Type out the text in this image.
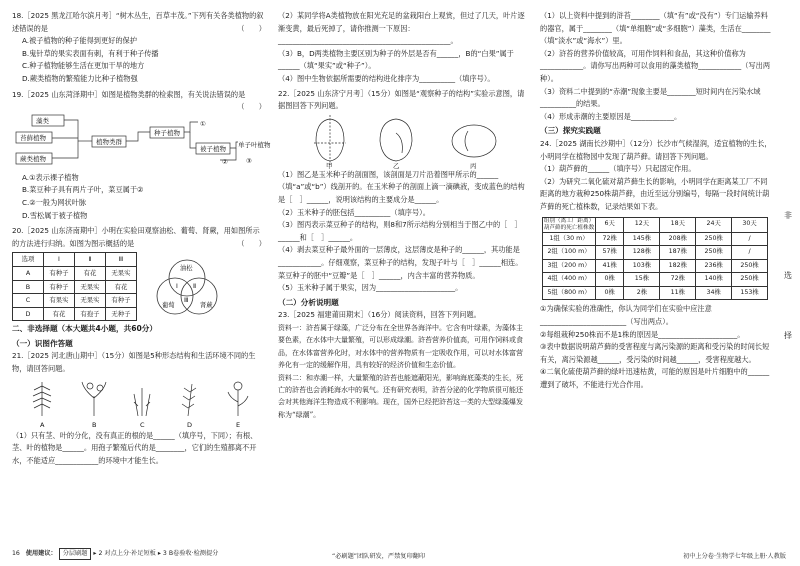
18.［2025 黑龙江哈尔滨月考］“树木丛生，百草丰茂。”下列有关各类植物的叙述错误的是	（　　）

A.被子植物的种子能得到更好的保护

B.鬼针草的果实表面有刺，有利于种子传播

C.种子植物能够生活在更加干旱的地方

D.蕨类植物的繁殖能力比种子植物强

19.［2025 山东菏泽期中］如图是植物类群的检索图，有关说法错误的是
（　　）

藻类
苔藓植物
蕨类植物
植物类群
种子植物
①
被子植物 单子叶植物
③
②

A.①表示裸子植物

B.菜豆种子具有两片子叶，菜豆属于②

C.②一般为网状叶脉

D.雪松属于被子植物

20.［2025 山东济南期中］小明在实验田观察油松、葡萄、肾蕨，用如图所示的方法进行归纳。如图为图示概括的是	（　　）

选项	Ⅰ	Ⅱ	Ⅲ
A	有种子	有花	无果实
B	有种子	无果实	有花
C	有果实	无果实	有种子
D	有花	有孢子	无种子
油松
葡萄	肾蕨
Ⅰ Ⅱ
Ⅲ

二、非选择题（本大题共4小题，共60分）

（一）识图作答题

21.［2025 河北唐山期中］（15分）如图是5种形态结构和生活环境不同的生物，请回答问题。

A	B	C	D	E

（1）只有茎、叶的分化，没有真正的根的是______（填序号，下同）；有根、茎、叶的植物是______。用孢子繁殖后代的是________，它们的生殖都离不开水，不能适应____________的环境中才能生长。

（2）某同学将A类植物放在阳光充足的盆栽阳台上观赏，但过了几天，叶片逐渐变黄，最后死掉了，请你推测一下原因：________________________________________________。

（3）B，D两类植物主要区别为种子的外层是否有______，B的“白果”属于______（填“果实”或“种子”）。

（4）图中生物依据所需要的结构进化排序为__________（填序号）。

22.［2025 山东济宁月考］（15分）如图是“观察种子的结构”实验示意图，请据图回答下列问题。

甲	乙	丙

（1）图乙是玉米种子的剖面图，该剖面是刀片沿着图甲所示的______（填“a”或“b”）线剖开的。在玉米种子的剖面上滴一滴碘液，变成蓝色的结构是［　］______，说明该结构的主要成分是______。

（2）玉米种子的胚包括__________（填序号）。

（3）图丙表示菜豆种子的结构，则8和7所示结构分别相当于图乙中的［　］______和［　］______。

（4）剥去菜豆种子最外面的一层薄皮，这层薄皮是种子的______，其功能是____________。仔细观察，菜豆种子的结构，发现子叶与［　］______相连。菜豆种子的胚中“豆瓣”是［　］______，内含丰富的营养物质。

（5）玉米种子属于果实，因为______________________。

（二）分析说明题

23.［2025 福建莆田期末］（16分）阅读资料，回答下列问题。

资料一：浒苔属于绿藻，广泛分布在全世界各海洋中。它含有叶绿素，为藻体主要色素，在水体中大量繁殖，可以形成绿潮。浒苔营养价值高，可用作饲料或食品，在水体富营养化时，对水体中的营养物质有一定吸收作用，可以对水体富营养化有一定的缓解作用，具有较好的经济价值和生态价值。

资料二：和赤潮一样，大量繁殖的浒苔也能遮蔽阳光，影响海底藻类的生长，死亡的浒苔也会消耗海水中的氧气。还有研究表明，浒苔分泌的化学物质很可能还会对其他海洋生物造成不利影响。现在，国外已经把浒苔这一类的大型绿藻爆发称为“绿潮”。

（1）以上资料中提到的浒苔________（填“有”或“没有”）专门运输养料的器官，属于________（填“单细胞”或“多细胞”）藻类，生活在________（填“淡水”或“海水”）里。

（2）浒苔的营养价值较高，可用作饲料和食品，其这种价值称为____________。请你写出两种可以食用的藻类植物____________（写出两种）。

（3）资料二中提到的“赤潮”现象主要是________短时间内在污染水域__________的结果。

（4）形成赤潮的主要原因是____________。

（三）探究实践题

24.［2025 湖南长沙期中］（12分）长沙市气候湿润，适宜植物的生长，小明同学在植物园中发现了葫芦藓。请回答下列问题。

（1）葫芦藓的______（填序号）只起固定作用。

（2）为研究二氧化硫对葫芦藓生长的影响，小明同学在距离某工厂不同距离的地方栽种250株葫芦藓，由近至远分别编号，每隔一段时间统计葫芦藓的死亡植株数，记录结果如下表。

组别（离工厂距离）
葫芦藓的死亡植株数	6天	12天	18天	24天	30天
1组（30 m）	72株	145株	208株	250株	/
2组（100 m）	57株	128株	187株	250株	/
3组（200 m）	41株	103株	182株	236株	250株
4组（400 m）	0株	15株	72株	140株	250株
5组（800 m）	0株	2株	11株	34株	153株

①为确保实验的准确性，你认为同学们在实验中应注意________________________（写出两点）。

②每组栽种250株而不是1株的原因是______________________。

③表中数据说明葫芦藓的受害程度与离污染源的距离和受污染的时间长短有关，离污染源越______，受污染的时间越______，受害程度越大。

④二氧化硫使葫芦藓的绿叶迅速枯黄，可能的原因是叶片细胞中的______遭到了破坏，不能进行光合作用。

非
选
择
16 使用建议： 分层刷题 ▸ 2 对点上分·补足短板 ▸ 3 B卷验收·检测提分	“必刷题”团队研发，严禁复印翻印	初中上分卷·生物学七年级上册·人教版
